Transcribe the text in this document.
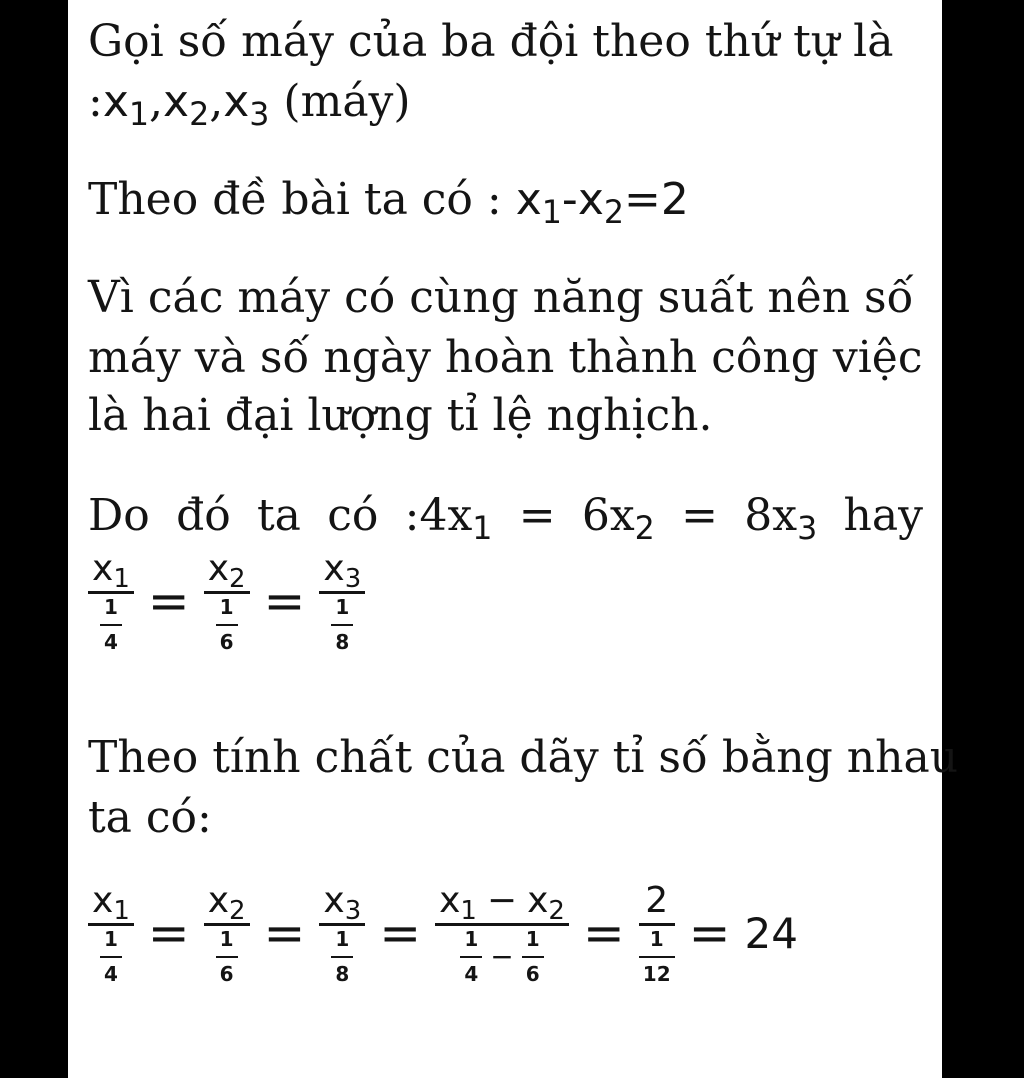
Gọi số máy của ba đội theo thứ tự là
$:x_1,x_2,x_3$ (máy)
Theo đề bài ta có : $x_1-x_2=2$
Vì các máy có cùng năng suất nên số
máy và số ngày hoàn thành công việc
là hai đại lượng tỉ lệ nghịch.
Do đó ta có $:4x_1 = 6x_2 = 8x_3$ hay
$\frac{x_1}{\frac{1}{4}} = \frac{x_2}{\frac{1}{6}} = \frac{x_3}{\frac{1}{8}}$
Theo tính chất của dãy tỉ số bằng nhau
ta có:
$\frac{x_1}{\frac{1}{4}} = \frac{x_2}{\frac{1}{6}} = \frac{x_3}{\frac{1}{8}} = \frac{x_1 - x_2}{\frac{1}{4} - \frac{1}{6}} = \frac{2}{\frac{1}{12}} = 24$
